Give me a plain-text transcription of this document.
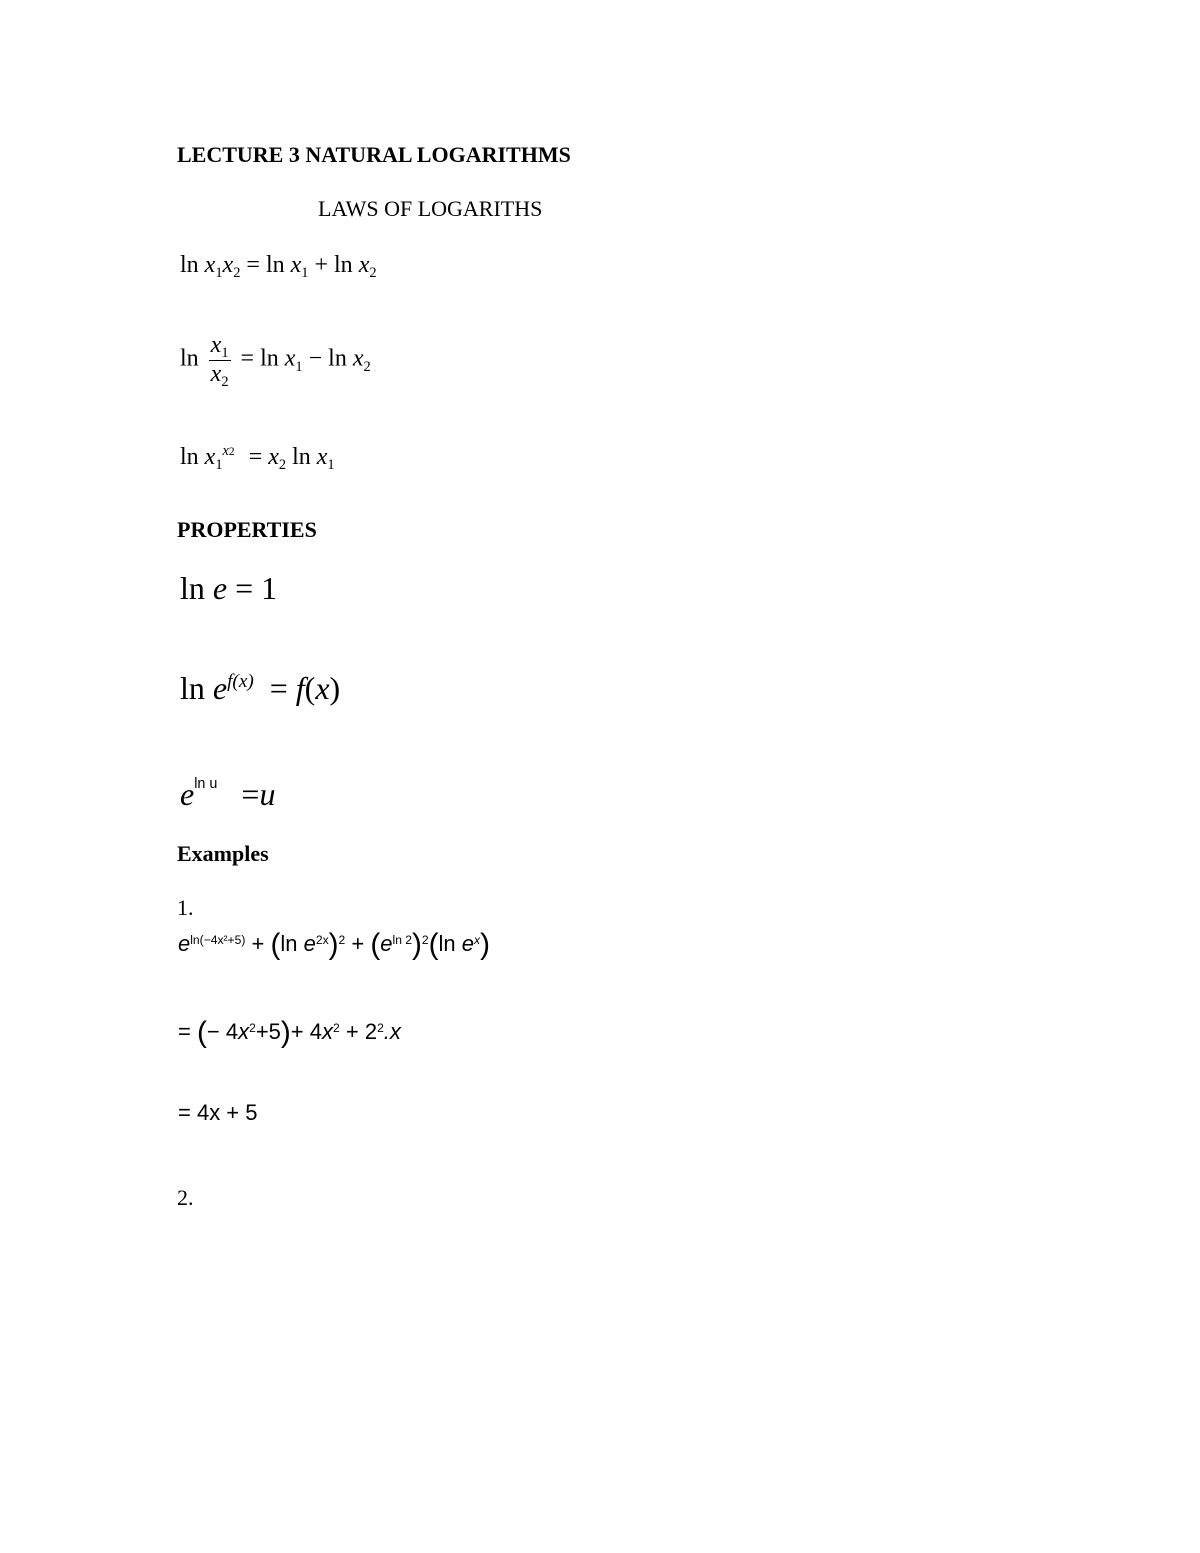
LECTURE 3 NATURAL LOGARITHMS
LAWS OF LOGARITHS
$\ln x_1x_2 = \ln x_1 + \ln x_2$
$\ln \frac{x_1}{x_2} = \ln x_1 - \ln x_2$
$\ln x_1^{x2} = x_2$ $\ln x_1$
PROPERTIES
ln e = 1
$\ln e^{f(x)} = f(x)$
$e^{ln u} =u$
Examples
1.
$e^{ln(-4x^2+5)} + (\ln$ $e^{2x})^2 + (e^{ln 2})^2(\ln$ $e^x$)
= (− $4x^2+5)+ 4x^2 + 2^2.x$
= 4x + 5
2.
